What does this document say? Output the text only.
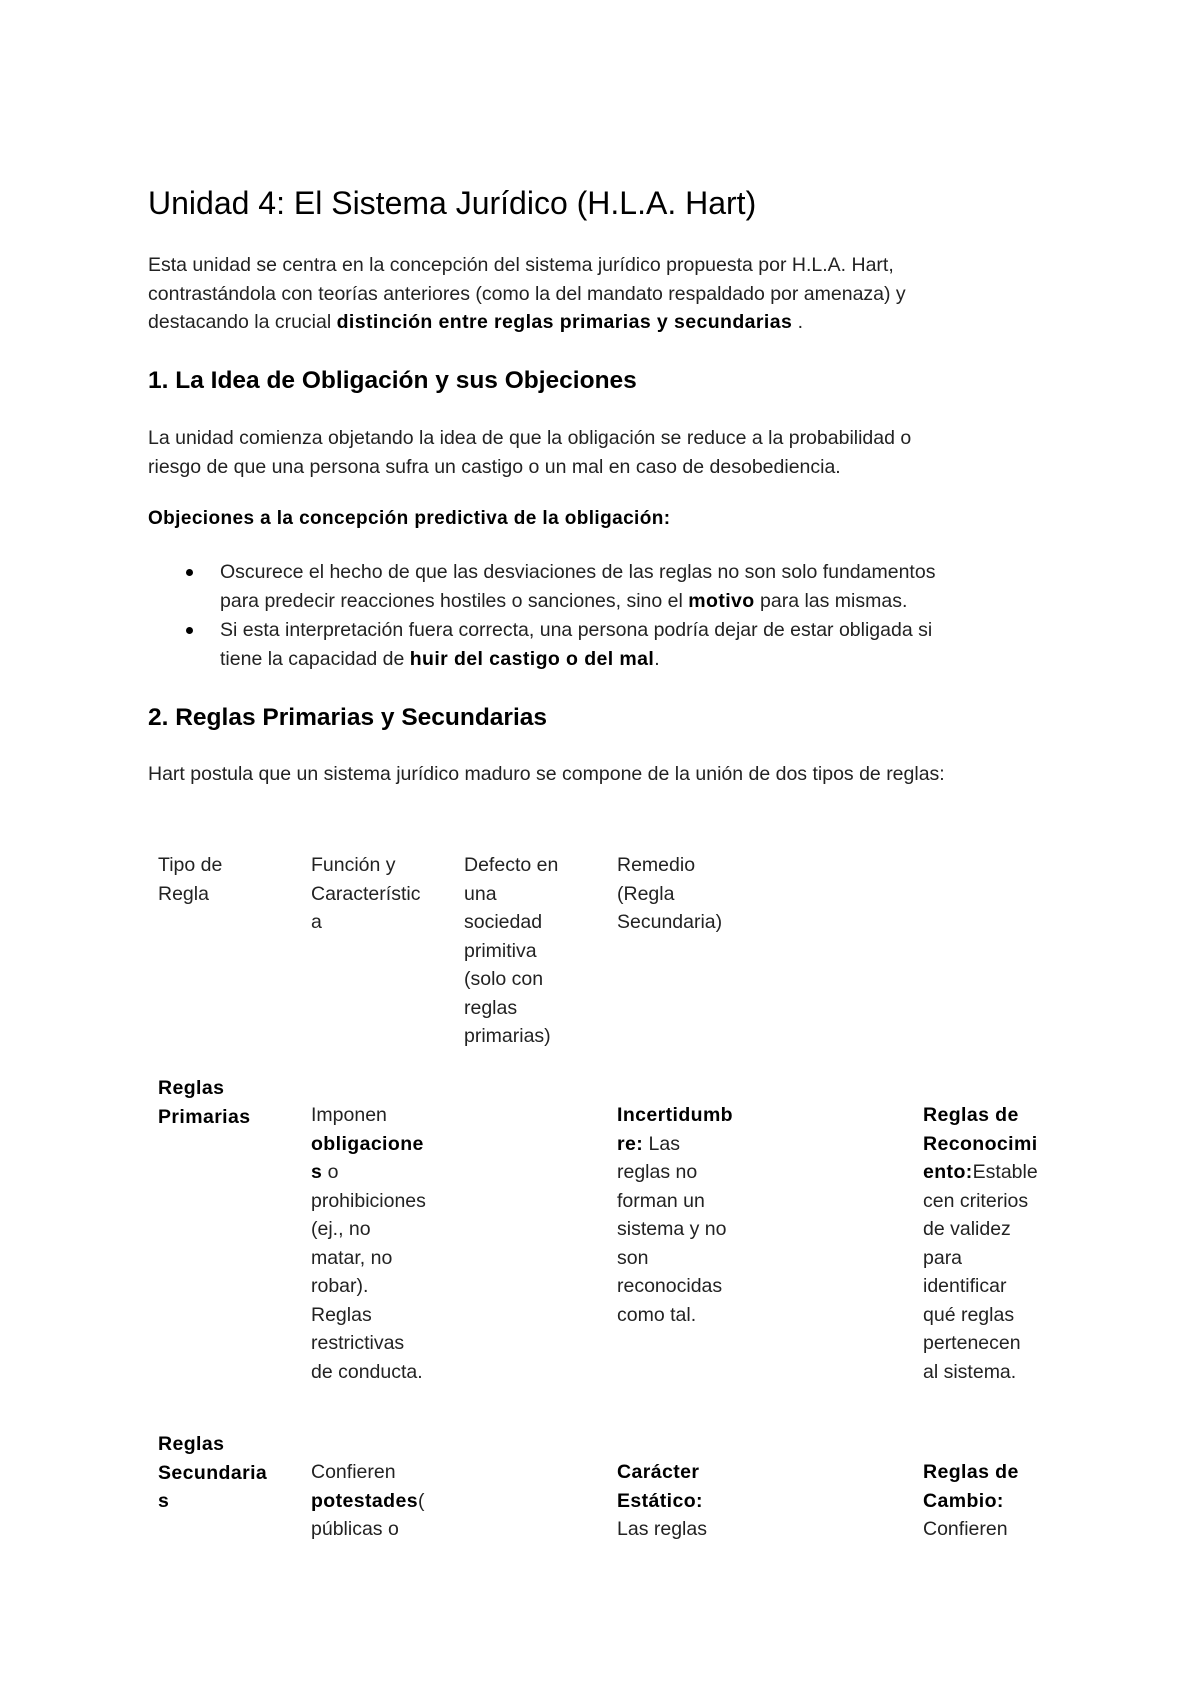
Unidad 4: El Sistema Jurídico (H.L.A. Hart)
Esta unidad se centra en la concepción del sistema jurídico propuesta por H.L.A. Hart,
contrastándola con teorías anteriores (como la del mandato respaldado por amenaza) y
destacando la crucial distinción entre reglas primarias y secundarias .
1. La Idea de Obligación y sus Objeciones
La unidad comienza objetando la idea de que la obligación se reduce a la probabilidad o
riesgo de que una persona sufra un castigo o un mal en caso de desobediencia.
Objeciones a la concepción predictiva de la obligación:
Oscurece el hecho de que las desviaciones de las reglas no son solo fundamentos
para predecir reacciones hostiles o sanciones, sino el motivo para las mismas.
Si esta interpretación fuera correcta, una persona podría dejar de estar obligada si
tiene la capacidad de huir del castigo o del mal.
2. Reglas Primarias y Secundarias
Hart postula que un sistema jurídico maduro se compone de la unión de dos tipos de reglas:
Tipo de
Regla
Función y
Característic
a
Defecto en
una
sociedad
primitiva
(solo con
reglas
primarias)
Remedio
(Regla
Secundaria)
Reglas
Primarias	Imponen
obligacione
s o
prohibiciones
(ej., no
matar, no
robar).
Reglas
restrictivas
de conducta.
Incertidumb
re: Las
reglas no
forman un
sistema y no
son
reconocidas
como tal.
Reglas de
Reconocimi
ento:Estable
cen criterios
de validez
para
identificar
qué reglas
pertenecen
al sistema.
Reglas
Secundaria
s
Confieren
potestades(
públicas o
Carácter
Estático:
Las reglas
Reglas de
Cambio:
Confieren
